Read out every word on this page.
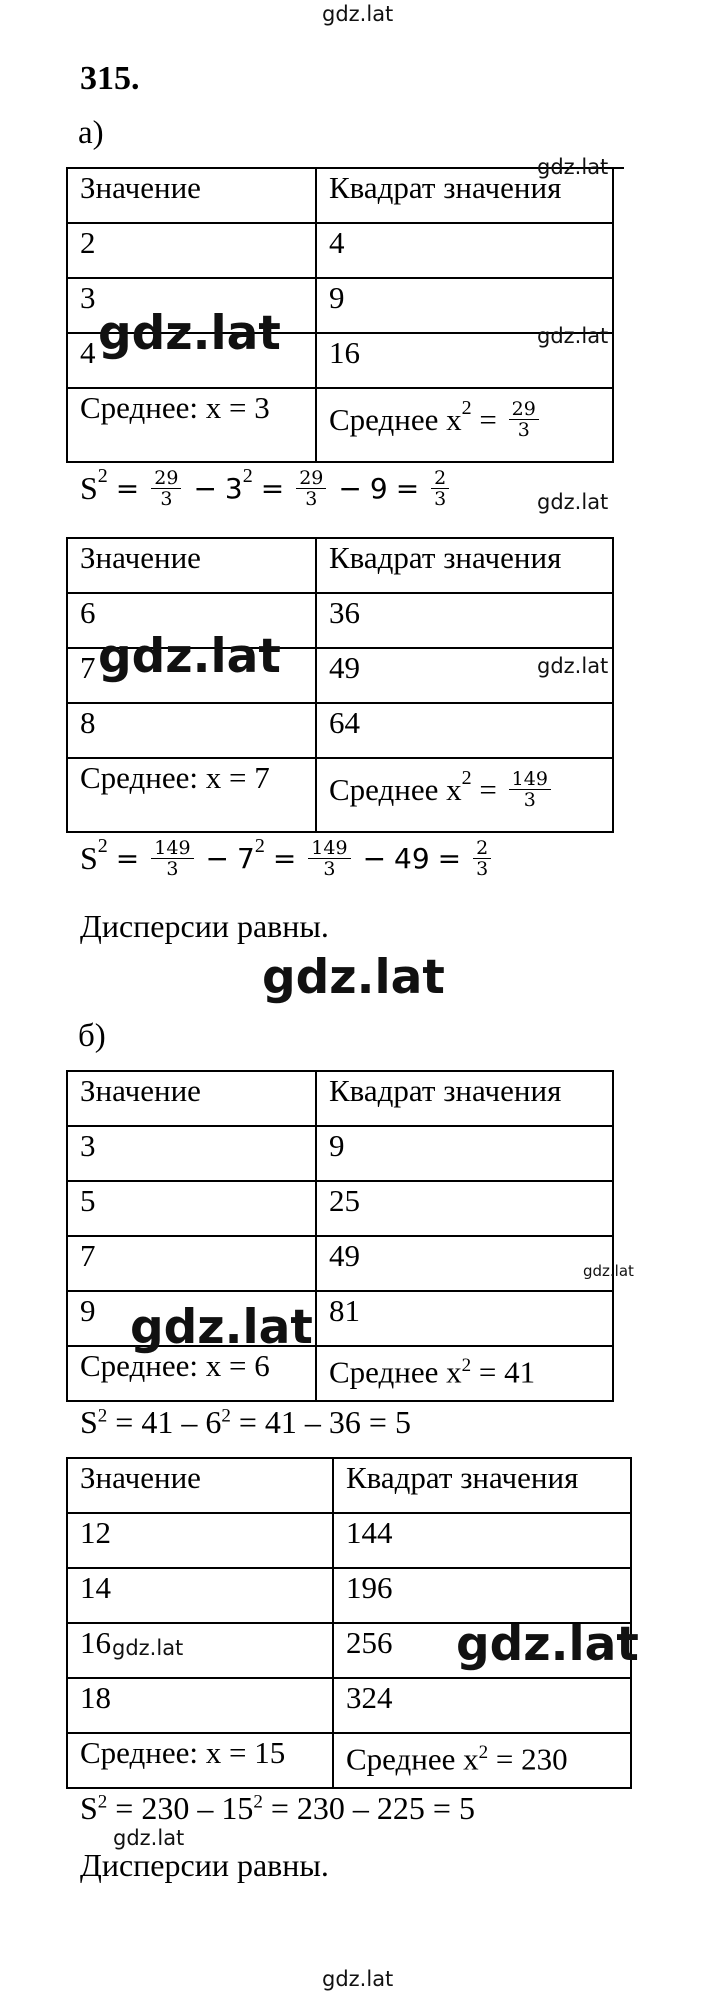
gdz.lat
315.
а)
Значение	Квадрат значения
2	4
3	9
4	16
Среднее: x = 3	Среднее x $2 = \frac{29}{3}$
S $2 = \frac{29}{3} - 3$ $2 = \frac{29}{3} - 9 = \frac{2}{3}$
Значение	Квадрат значения
6	36
7	49
8	64
Среднее: x = 7	Среднее x $2 = \frac{149}{3}$
S $2 = \frac{149}{3} - 7$ $2 = \frac{149}{3} - 49 = \frac{2}{3}$
Дисперсии равны.
б)
Значение	Квадрат значения
3	9
5	25
7	49
9	81
Среднее: x = 6	Среднее $x^2 = 41$
$S^2 = 41 - 6^2 = 41 - 36 = 5$
Значение	Квадрат значения
12	144
14	196
16	256
18	324
Среднее: x = 15	Среднее $x^2 = 230$
$S^2 = 230 - 15^2 = 230 - 225 = 5$
Дисперсии равны.
gdz.lat
gdz.lat	gdz.lat
gdz.lat
gdz.lat	gdz.lat
gdz.lat
gdz.lat
gdz.lat
gdz.lat	gdz.lat
gdz.lat
gdz.lat
